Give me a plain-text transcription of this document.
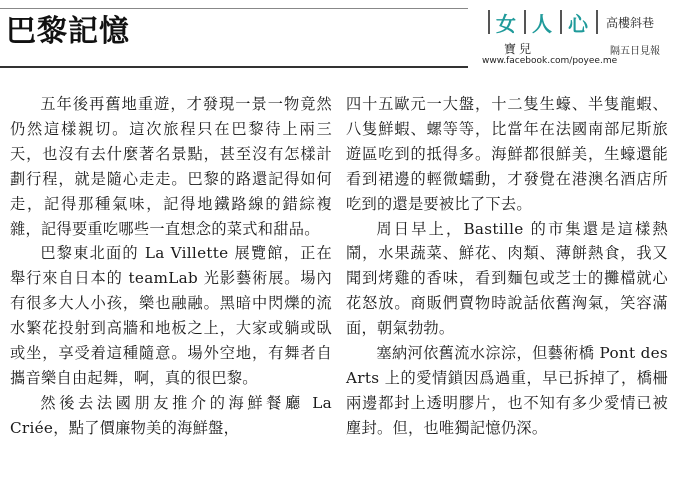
巴黎記憶	女 人 心 高樓斜巷
寶兒	隔五日見報
www.facebook.com/poyee.me

五年後再舊地重遊，才發現一景一物竟然仍然這樣親切。這次旅程只在巴黎待上兩三天，也沒有去什麼著名景點，甚至沒有怎樣計劃行程，就是隨心走走。巴黎的路還記得如何走，記得那種氣味，記得地鐵路線的錯綜複雜，記得要重吃哪些一直想念的菜式和甜品。

巴黎東北面的 La Villette 展覽館，正在舉行來自日本的 teamLab 光影藝術展。場內有很多大人小孩，樂也融融。黑暗中閃爍的流水繁花投射到高牆和地板之上，大家或躺或臥或坐，享受着這種隨意。場外空地，有舞者自攜音樂自由起舞，啊，真的很巴黎。

然後去法國朋友推介的海鮮餐廳 La Criée，點了價廉物美的海鮮盤，

四十五歐元一大盤，十二隻生蠔、半隻龍蝦、八隻鮮蝦、螺等等，比當年在法國南部尼斯旅遊區吃到的抵得多。海鮮都很鮮美，生蠔還能看到裙邊的輕微蠕動，才發覺在港澳名酒店所吃到的還是要被比了下去。

周日早上，Bastille 的市集還是這樣熱鬧，水果蔬菜、鮮花、肉類、薄餅熱食，我又聞到烤雞的香味，看到麵包或芝士的攤檔就心花怒放。商販們賣物時說話依舊洶氣，笑容滿面，朝氣勃勃。

塞納河依舊流水淙淙，但藝術橋 Pont des Arts 上的愛情鎖因爲過重，早已拆掉了，橋柵兩邊都封上透明膠片，也不知有多少愛情已被塵封。但，也唯獨記憶仍深。
